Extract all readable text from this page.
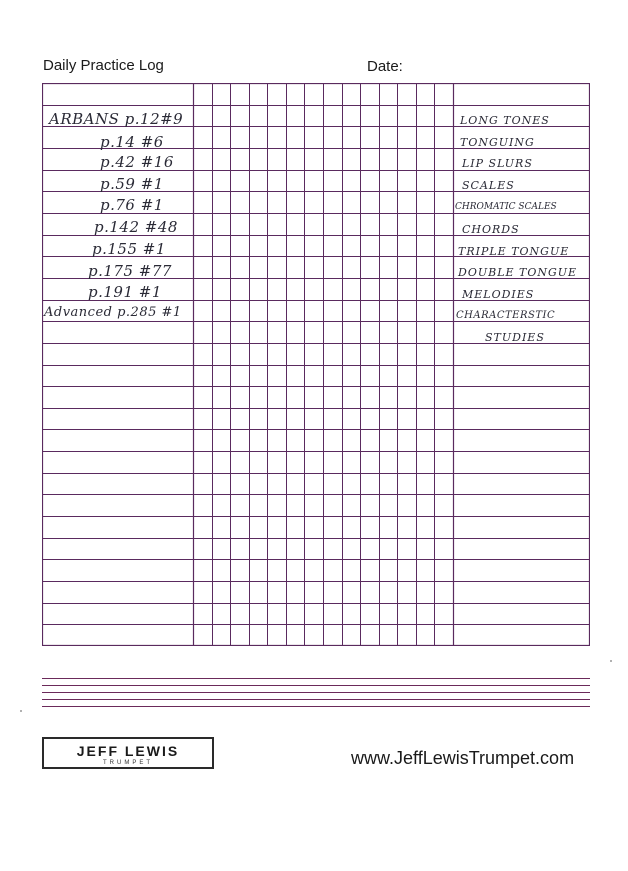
Daily Practice Log	Date:
ARBANS p.12#9
p.14 #6
p.42 #16
p.59 #1
p.76 #1
p.142 #48
p.155 #1
p.175 #77
p.191 #1
Advanced p.285 #1
LONG TONES
TONGUING
LIP SLURS
SCALES
CHROMATIC SCALES
CHORDS
TRIPLE TONGUE
DOUBLE TONGUE
MELODIES
CHARACTERSTIC
STUDIES
JEFF LEWIS
TRUMPET	www.JeffLewisTrumpet.com
